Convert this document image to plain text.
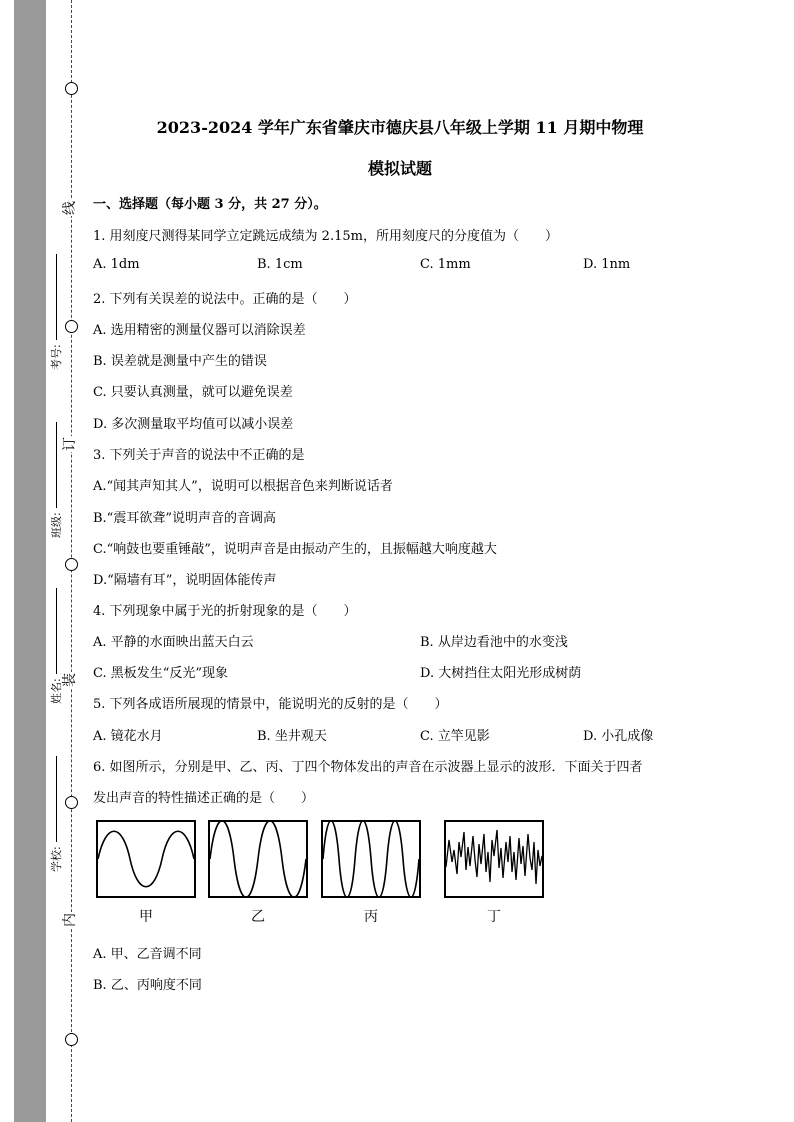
线
订
装
内
考号:
班级:
姓名:
学校:
2023-2024 学年广东省肇庆市德庆县八年级上学期 11 月期中物理
模拟试题
一、选择题（每小题 3 分，共 27 分）。
1. 用刻度尺测得某同学立定跳远成绩为 2.15m，所用刻度尺的分度值为（　　）
A. 1dm	B. 1cm	C. 1mm	D. 1nm
2. 下列有关误差的说法中。正确的是（　　）
A. 选用精密的测量仪器可以消除误差
B. 误差就是测量中产生的错误
C. 只要认真测量，就可以避免误差
D. 多次测量取平均值可以减小误差
3. 下列关于声音的说法中不正确的是
A.“闻其声知其人”，说明可以根据音色来判断说话者
B.“震耳欲聋”说明声音的音调高
C.“响鼓也要重锤敲”，说明声音是由振动产生的，且振幅越大响度越大
D.“隔墙有耳”，说明固体能传声
4. 下列现象中属于光的折射现象的是（　　）
A. 平静的水面映出蓝天白云	B. 从岸边看池中的水变浅
C. 黑板发生“反光”现象	D. 大树挡住太阳光形成树荫
5. 下列各成语所展现的情景中，能说明光的反射的是（　　）
A. 镜花水月	B. 坐井观天	C. 立竿见影	D. 小孔成像
6. 如图所示，分别是甲、乙、丙、丁四个物体发出的声音在示波器上显示的波形．下面关于四者
发出声音的特性描述正确的是（　　）
甲	乙	丙	丁
A. 甲、乙音调不同
B. 乙、丙响度不同
